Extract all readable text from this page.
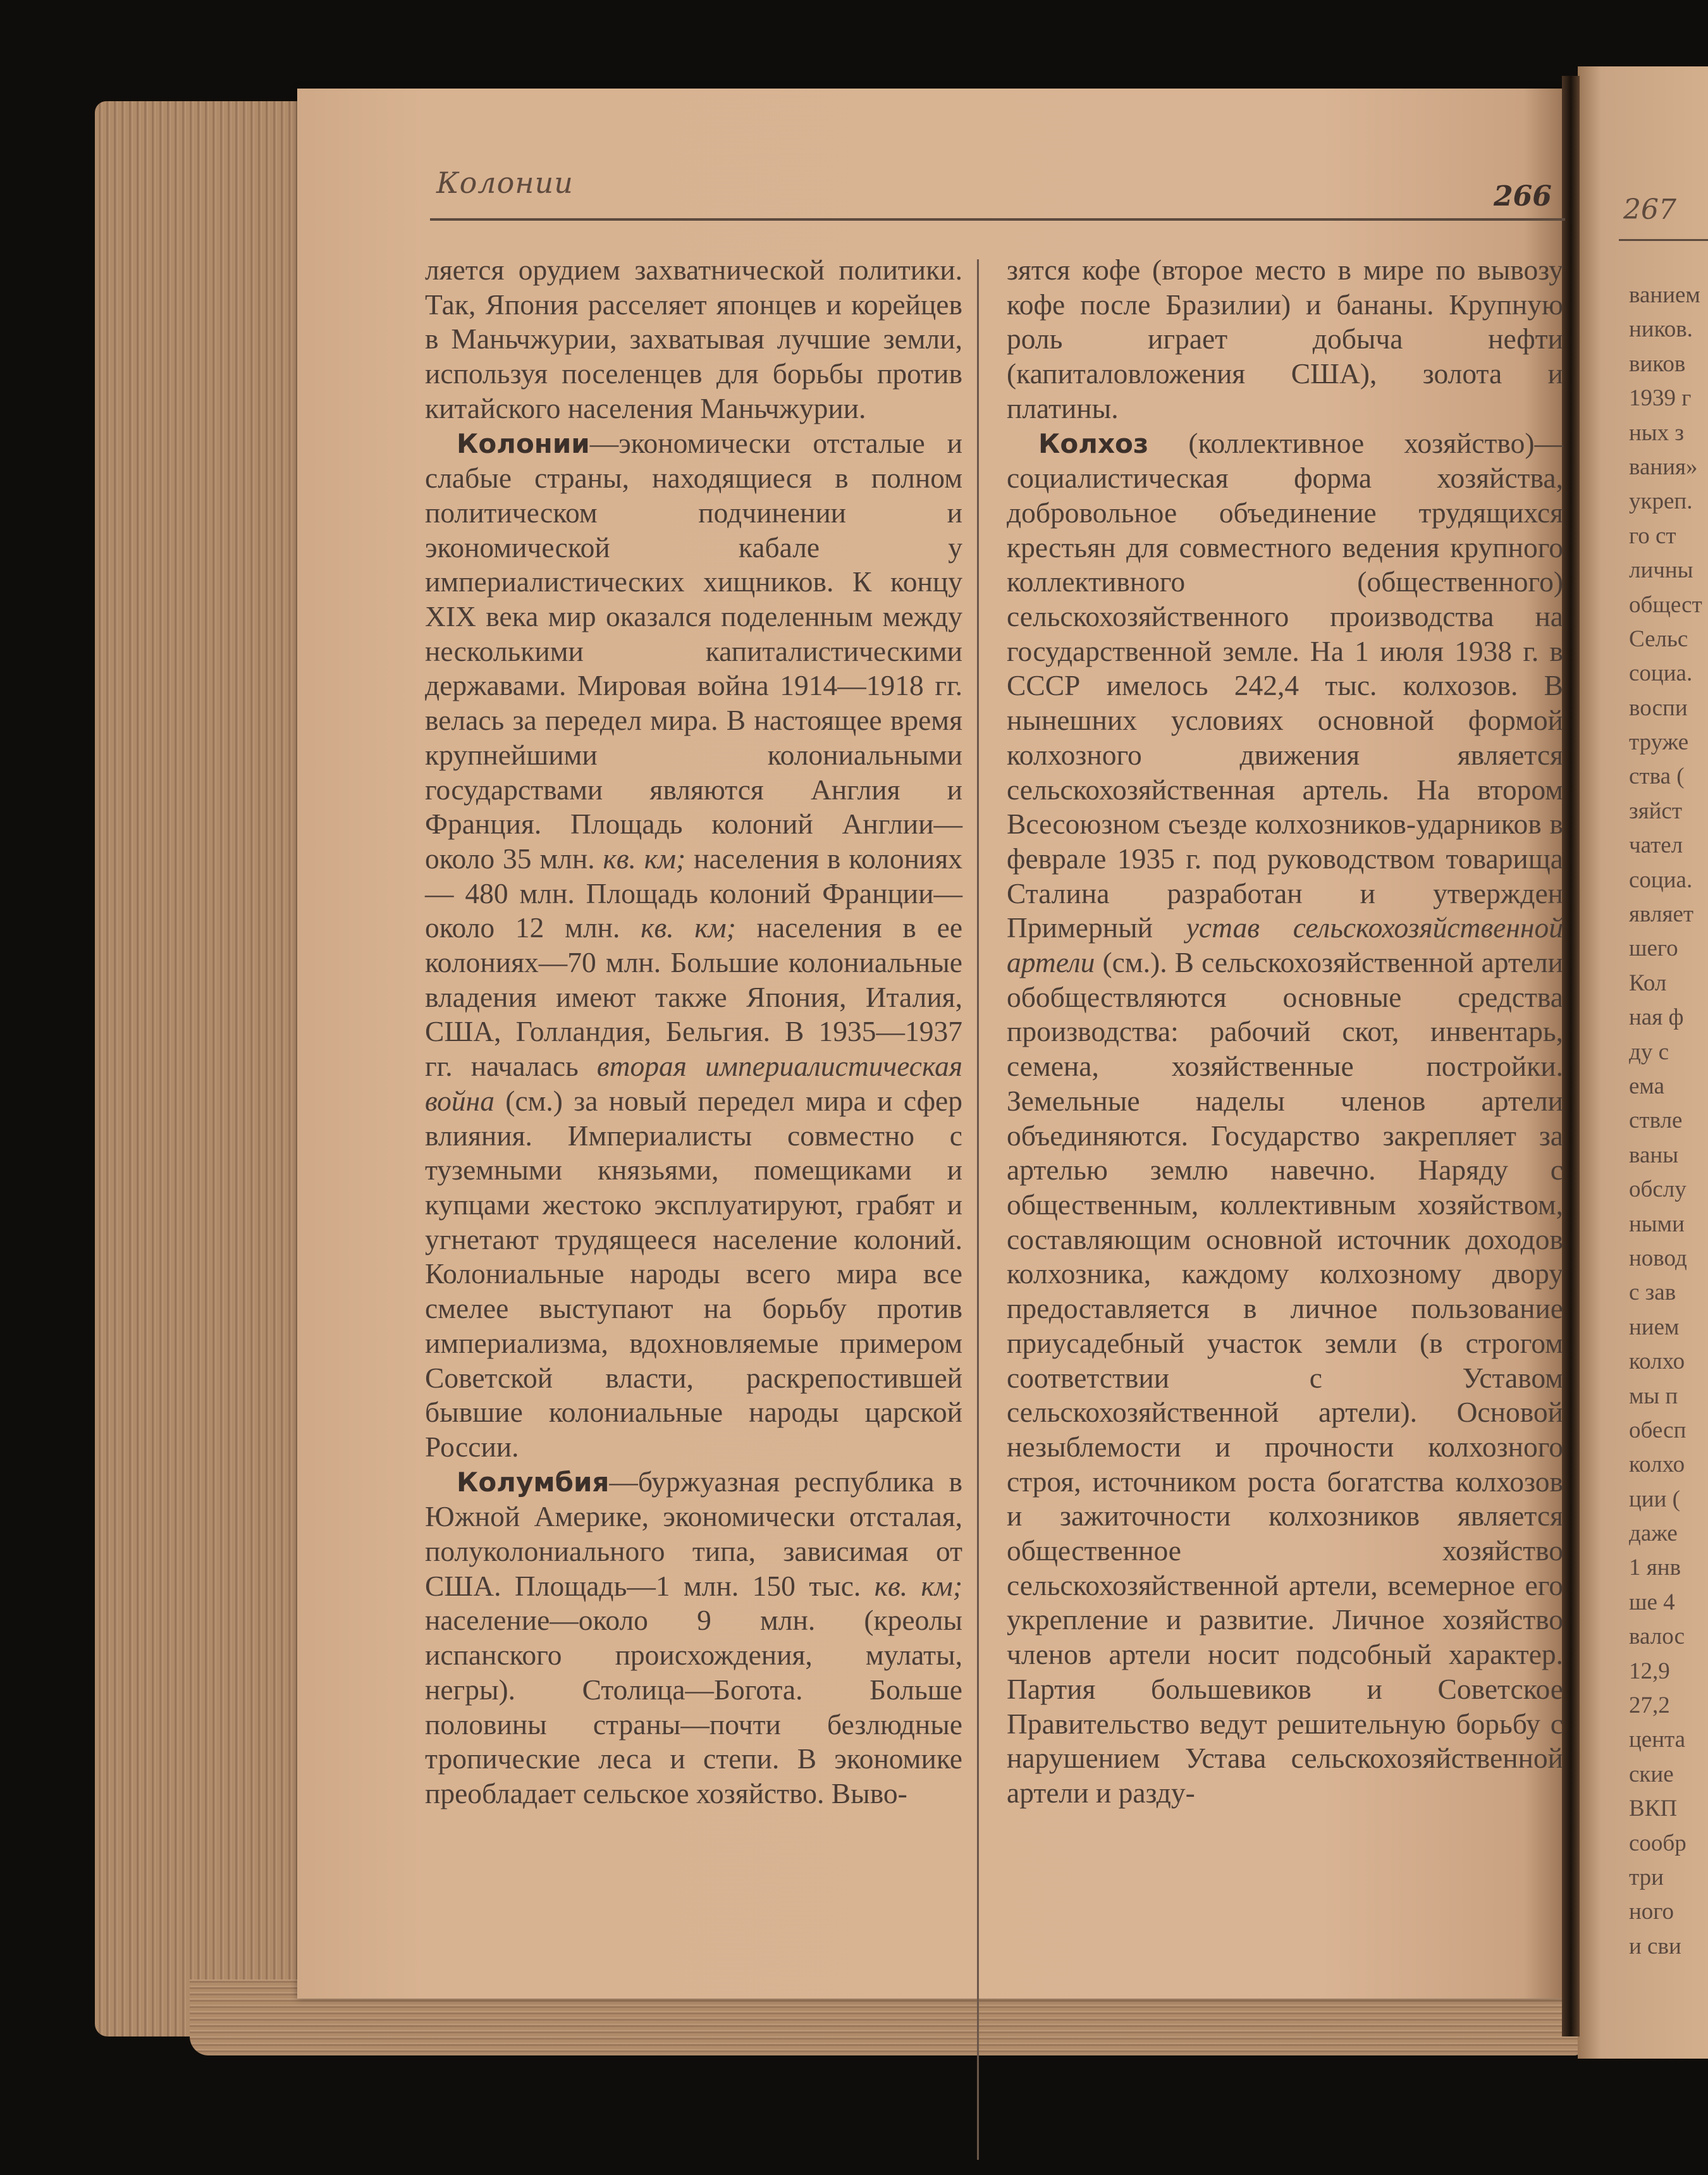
Колонии	266

ляется орудием захватнической политики. Так, Япония расселяет японцев и корейцев в Маньчжурии, захватывая лучшие земли, используя поселенцев для борьбы против китайского населения Маньчжурии.

Колонии—экономически отсталые и слабые страны, находящиеся в полном политическом подчинении и экономической кабале у империалистических хищников. К концу XIX века мир оказался поделенным между несколькими капиталистическими державами. Мировая война 1914—1918 гг. велась за передел мира. В настоящее время крупнейшими колониальными государствами являются Англия и Франция. Площадь колоний Англии—около 35 млн. кв. км; населения в колониях — 480 млн. Площадь колоний Франции—около 12 млн. кв. км; населения в ее колониях—70 млн. Большие колониальные владения имеют также Япония, Италия, США, Голландия, Бельгия. В 1935—1937 гг. началась вторая империалистическая война (см.) за новый передел мира и сфер влияния. Империалисты совместно с туземными князьями, помещиками и купцами жестоко эксплуатируют, грабят и угнетают трудящееся население колоний. Колониальные народы всего мира все смелее выступают на борьбу против империализма, вдохновляемые примером Советской власти, раскрепостившей бывшие колониальные народы царской России.

Колумбия—буржуазная республика в Южной Америке, экономически отсталая, полуколониального типа, зависимая от США. Площадь—1 млн. 150 тыс. кв. км; население—около 9 млн. (креолы испанского происхождения, мулаты, негры). Столица—Богота. Больше половины страны—почти безлюдные тропические леса и степи. В экономике преобладает сельское хозяйство. Выво-

зятся кофе (второе место в мире по вывозу кофе после Бразилии) и бананы. Крупную роль играет добыча нефти (капиталовложения США), золота и платины.

Колхоз (коллективное хозяйство)—социалистическая форма хозяйства, добровольное объединение трудящихся крестьян для совместного ведения крупного коллективного (общественного) сельскохозяйственного производства на государственной земле. На 1 июля 1938 г. в СССР имелось 242,4 тыс. колхозов. В нынешних условиях основной формой колхозного движения является сельскохозяйственная артель. На втором Всесоюзном съезде колхозников-ударников в феврале 1935 г. под руководством товарища Сталина разработан и утвержден Примерный устав сельскохозяйственной артели (см.). В сельскохозяйственной артели обобществляются основные средства производства: рабочий скот, инвентарь, семена, хозяйственные постройки. Земельные наделы членов артели объединяются. Государство закрепляет за артелью землю навечно. Наряду с общественным, коллективным хозяйством, составляющим основной источник доходов колхозника, каждому колхозному двору предоставляется в личное пользование приусадебный участок земли (в строгом соответствии с Уставом сельскохозяйственной артели). Основой незыблемости и прочности колхозного строя, источником роста богатства колхозов и зажиточности колхозников является общественное хозяйство сельскохозяйственной артели, всемерное его укрепление и развитие. Личное хозяйство членов артели носит подсобный характер. Партия большевиков и Советское Правительство ведут решительную борьбу с нарушением Устава сельскохозяйственной артели и разду-

267
ванием
ников.
виков
1939 г
ных з
вания»
укреп.
го ст
личны
общест
Сельс
социа.
воспи
труже
ства (
зяйст
чател
социа.
являет
шего
Кол
ная ф
ду с
ема
ствле
ваны
обслу
ными
новод
с зав
нием
колхо
мы п
обесп
колхо
ции (
даже
1 янв
ше 4
валос
12,9
27,2
цента
ские
ВКП
сообр
три
ного
и сви
